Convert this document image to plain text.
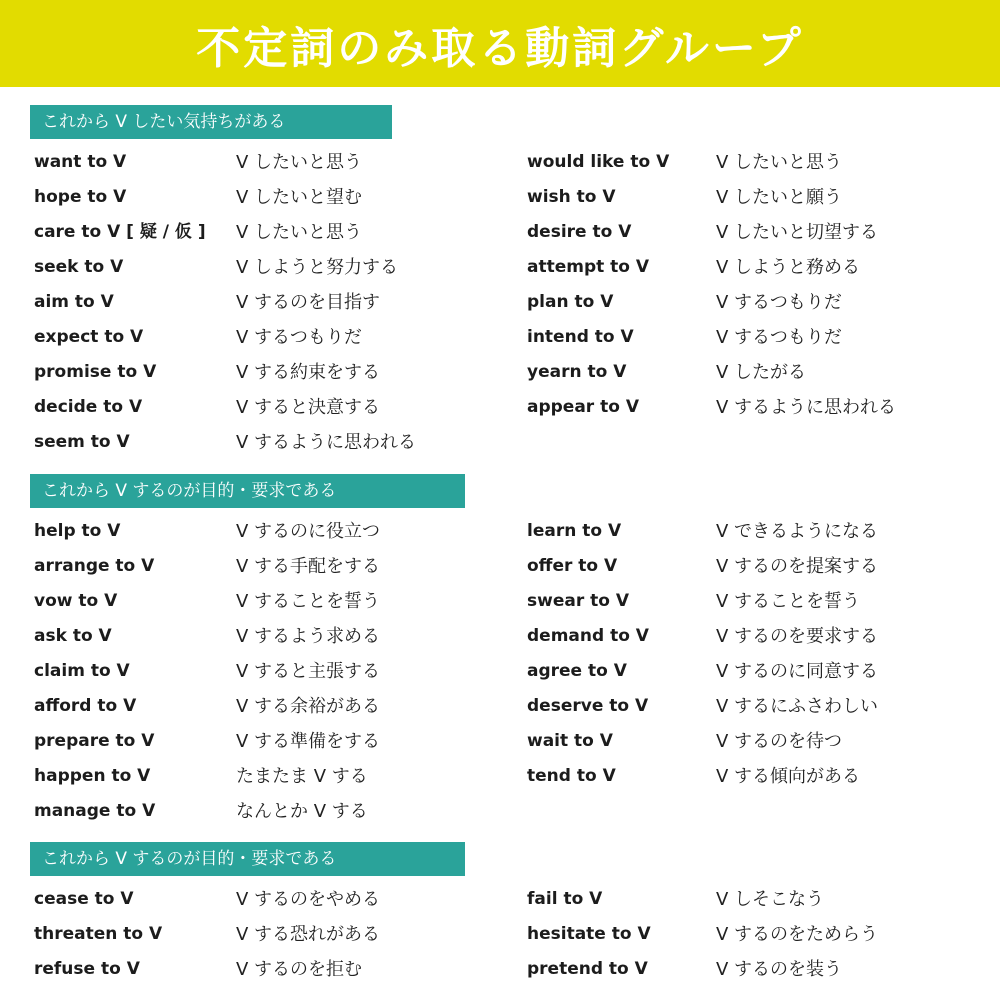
不定詞のみ取る動詞グループ
これから V したい気持ちがある
want to V	V したいと思う
hope to V	V したいと望む
care to V [ 疑 / 仮 ] V したいと思う
seek to V	V しようと努力する
aim to V	V するのを目指す
expect to V	V するつもりだ
promise to V	V する約束をする
decide to V	V すると決意する
seem to V	V するように思われる
would like to V	V したいと思う
wish to V	V したいと願う
desire to V	V したいと切望する
attempt to V	V しようと務める
plan to V	V するつもりだ
intend to V	V するつもりだ
yearn to V	V したがる
appear to V	V するように思われる
これから V するのが目的・要求である
help to V	V するのに役立つ
arrange to V	V する手配をする
vow to V	V することを誓う
ask to V	V するよう求める
claim to V	V すると主張する
afford to V	V する余裕がある
prepare to V	V する準備をする
happen to V	たまたま V する
manage to V	なんとか V する
learn to V	V できるようになる
offer to V	V するのを提案する
swear to V	V することを誓う
demand to V	V するのを要求する
agree to V	V するのに同意する
deserve to V	V するにふさわしい
wait to V	V するのを待つ
tend to V	V する傾向がある
これから V するのが目的・要求である
cease to V	V するのをやめる
threaten to V	V する恐れがある
refuse to V	V するのを拒む
fail to V	V しそこなう
hesitate to V	V するのをためらう
pretend to V	V するのを装う
